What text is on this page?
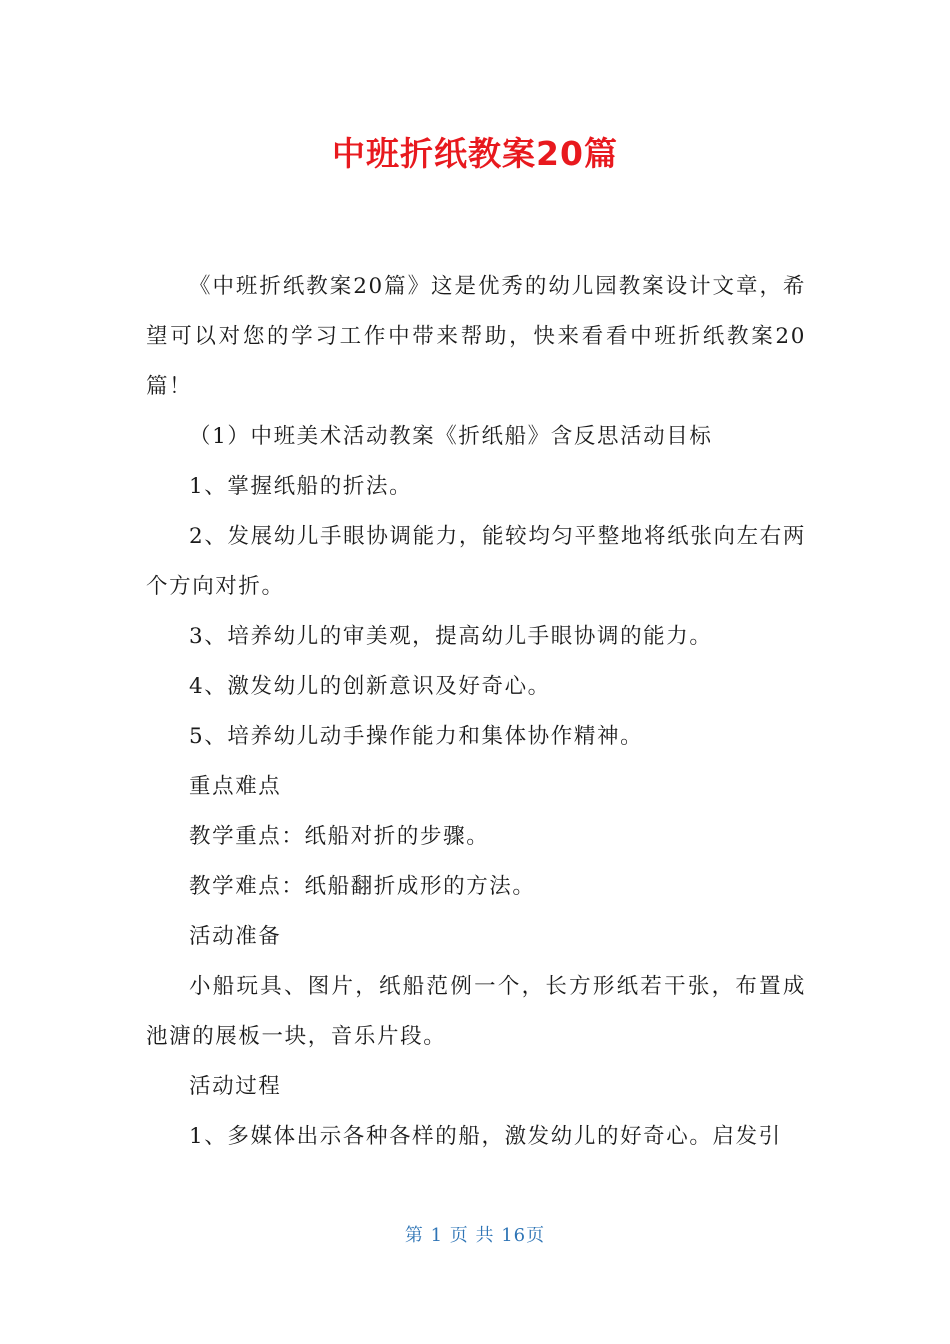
中班折纸教案20篇

《中班折纸教案20篇》这是优秀的幼儿园教案设计文章，希望可以对您的学习工作中带来帮助，快来看看中班折纸教案20篇！

（1）中班美术活动教案《折纸船》含反思活动目标

1、掌握纸船的折法。

2、发展幼儿手眼协调能力，能较均匀平整地将纸张向左右两个方向对折。

3、培养幼儿的审美观，提高幼儿手眼协调的能力。

4、激发幼儿的创新意识及好奇心。

5、培养幼儿动手操作能力和集体协作精神。

重点难点

教学重点：纸船对折的步骤。

教学难点：纸船翻折成形的方法。

活动准备

小船玩具、图片，纸船范例一个，长方形纸若干张，布置成池溏的展板一块，音乐片段。

活动过程

1、多媒体出示各种各样的船，激发幼儿的好奇心。启发引

第 1 页 共 16页
